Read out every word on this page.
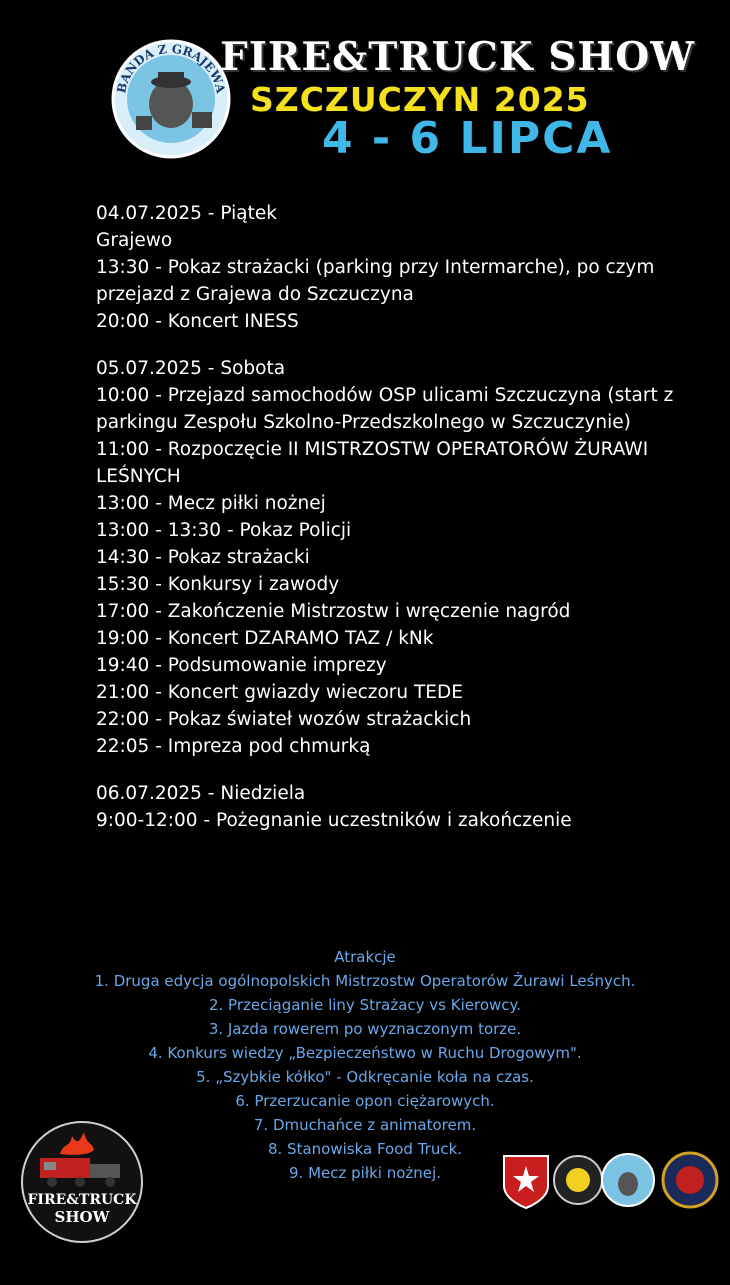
BANDA Z GRAJEWA
FIRE&TRUCK SHOW
SZCZUCZYN 2025
4 - 6 LIPCA
04.07.2025 - Piątek
Grajewo
13:30 - Pokaz strażacki (parking przy Intermarche), po czym przejazd z Grajewa do Szczuczyna
20:00 - Koncert INESS
05.07.2025 - Sobota
10:00 - Przejazd samochodów OSP ulicami Szczuczyna (start z parkingu Zespołu Szkolno-Przedszkolnego w Szczuczynie)
11:00 - Rozpoczęcie II MISTRZOSTW OPERATORÓW ŻURAWI LEŚNYCH
13:00 - Mecz piłki nożnej
13:00 - 13:30 - Pokaz Policji
14:30 - Pokaz strażacki
15:30 - Konkursy i zawody
17:00 - Zakończenie Mistrzostw i wręczenie nagród
19:00 - Koncert DZARAMO TAZ / kNk
19:40 - Podsumowanie imprezy
21:00 - Koncert gwiazdy wieczoru TEDE
22:00 - Pokaz świateł wozów strażackich
22:05 - Impreza pod chmurką
06.07.2025 - Niedziela
9:00-12:00 - Pożegnanie uczestników i zakończenie
Atrakcje
1. Druga edycja ogólnopolskich Mistrzostw Operatorów Żurawi Leśnych.
2. Przeciąganie liny Strażacy vs Kierowcy.
3. Jazda rowerem po wyznaczonym torze.
4. Konkurs wiedzy „Bezpieczeństwo w Ruchu Drogowym".
5. „Szybkie kółko" - Odkręcanie koła na czas.
6. Przerzucanie opon ciężarowych.
7. Dmuchańce z animatorem.
8. Stanowiska Food Truck.
9. Mecz piłki nożnej.
FIRE&TRUCK
SHOW
